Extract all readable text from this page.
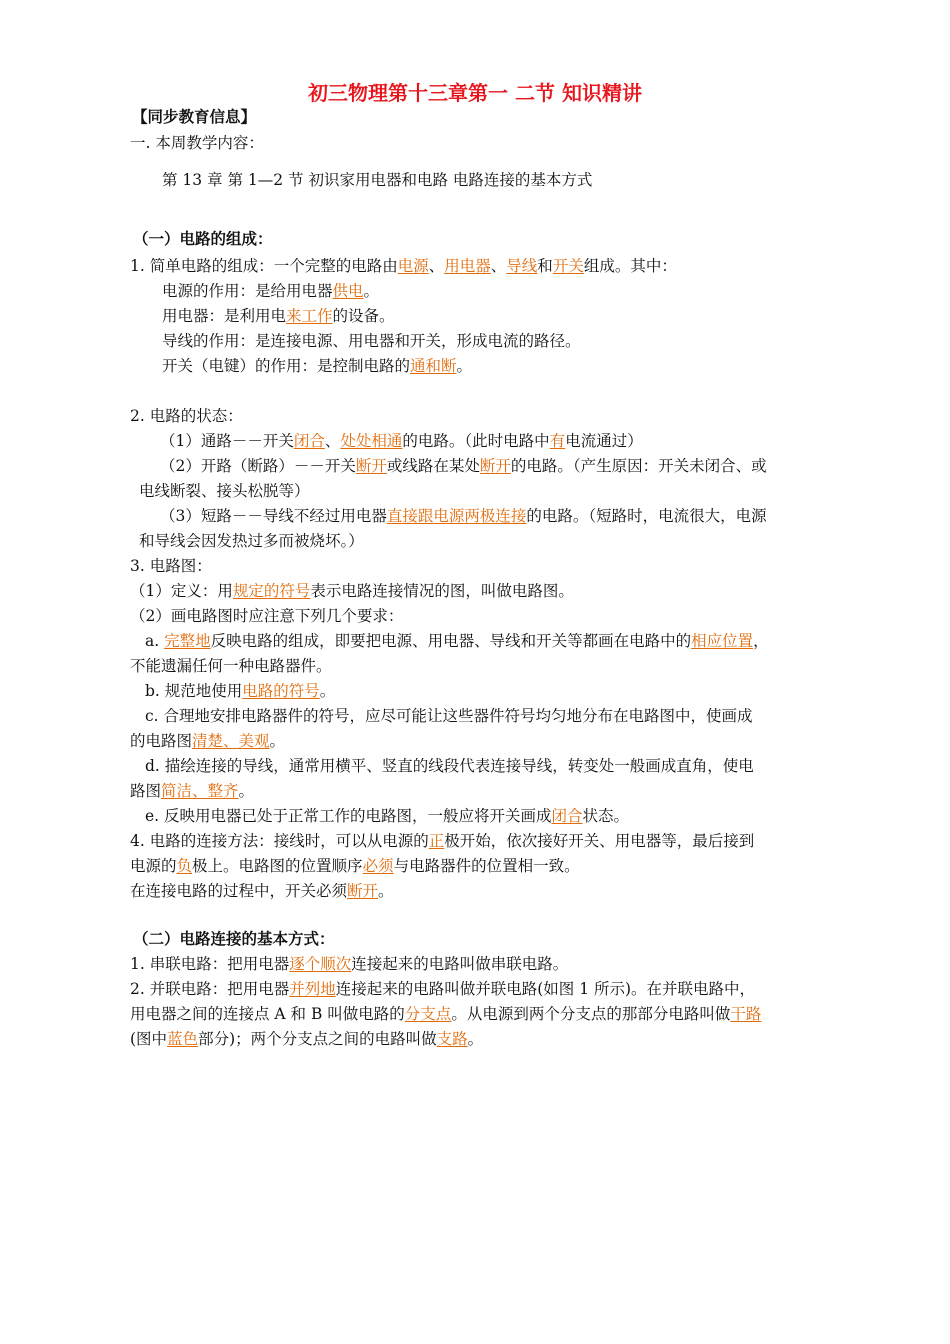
初三物理第十三章第一 二节 知识精讲
【同步教育信息】
一. 本周教学内容：
第 13 章 第 1—2 节 初识家用电器和电路 电路连接的基本方式
（一）电路的组成：
1. 简单电路的组成：一个完整的电路由电源、用电器、导线和开关组成。其中：
电源的作用：是给用电器供电。
用电器：是利用电来工作的设备。
导线的作用：是连接电源、用电器和开关，形成电流的路径。
开关（电键）的作用：是控制电路的通和断。
2. 电路的状态：
（1）通路－－开关闭合、处处相通的电路。（此时电路中有电流通过）
（2）开路（断路）－－开关断开或线路在某处断开的电路。（产生原因：开关未闭合、或
电线断裂、接头松脱等）
（3）短路－－导线不经过用电器直接跟电源两极连接的电路。（短路时，电流很大，电源
和导线会因发热过多而被烧坏。）
3. 电路图：
（1）定义：用规定的符号表示电路连接情况的图，叫做电路图。
（2）画电路图时应注意下列几个要求：
a. 完整地反映电路的组成，即要把电源、用电器、导线和开关等都画在电路中的相应位置，
不能遗漏任何一种电路器件。
b. 规范地使用电路的符号。
c. 合理地安排电路器件的符号，应尽可能让这些器件符号均匀地分布在电路图中，使画成
的电路图清楚、美观。
d. 描绘连接的导线，通常用横平、竖直的线段代表连接导线，转变处一般画成直角，使电
路图简洁、整齐。
e. 反映用电器已处于正常工作的电路图，一般应将开关画成闭合状态。
4. 电路的连接方法：接线时，可以从电源的正极开始，依次接好开关、用电器等，最后接到
电源的负极上。电路图的位置顺序必须与电路器件的位置相一致。
在连接电路的过程中，开关必须断开。
（二）电路连接的基本方式：
1. 串联电路：把用电器逐个顺次连接起来的电路叫做串联电路。
2. 并联电路：把用电器并列地连接起来的电路叫做并联电路(如图 1 所示)。在并联电路中，
用电器之间的连接点 A 和 B 叫做电路的分支点。从电源到两个分支点的那部分电路叫做干路
(图中蓝色部分)；两个分支点之间的电路叫做支路。
